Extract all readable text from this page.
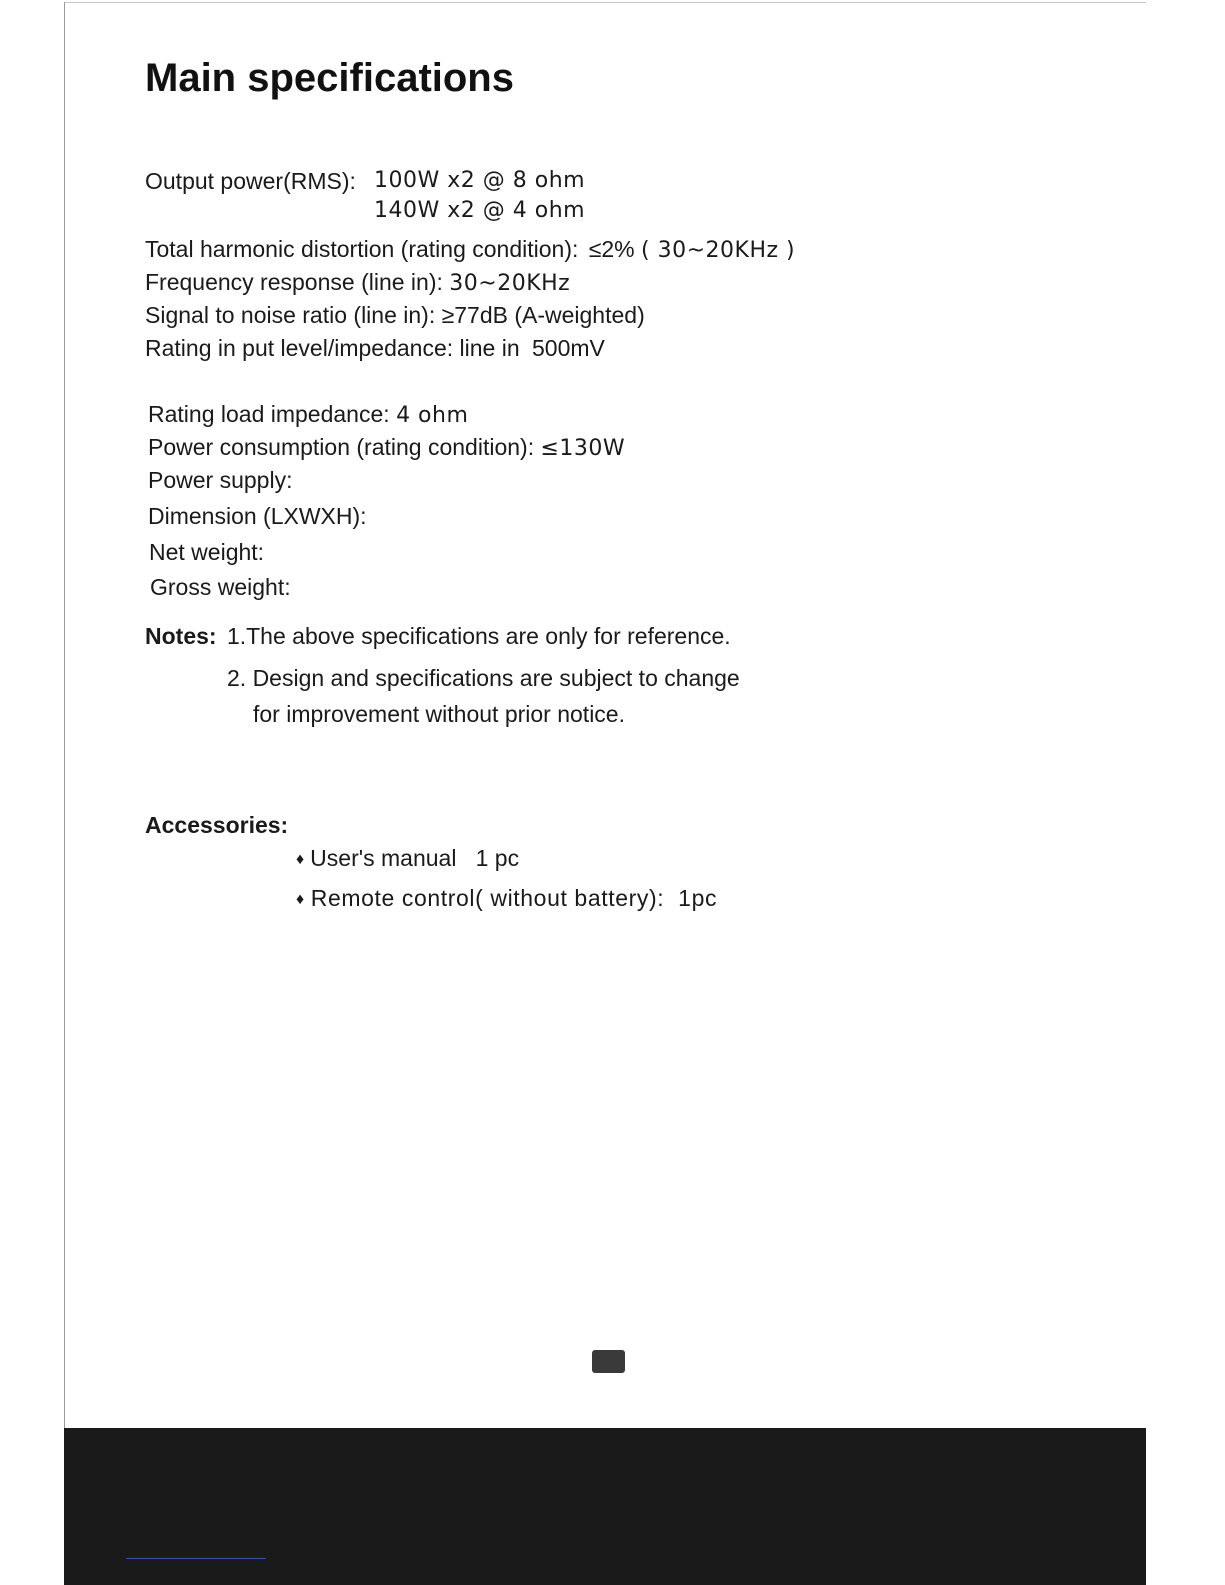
Main specifications
Output power(RMS): 100W x2 @ 8 ohm
140W x2 @ 4 ohm
Total harmonic distortion (rating condition): ≤2% ( 30~20KHz )
Frequency response (line in): 30~20KHz
Signal to noise ratio (line in): ≥77dB (A-weighted)
Rating in put level/impedance: line in 500mV
Rating load impedance: 4 ohm
Power consumption (rating condition): ≤130W
Power supply:
Dimension (LXWXH):
Net weight:
Gross weight:
Notes: 1.The above specifications are only for reference.
2. Design and specifications are subject to change
for improvement without prior notice.
Accessories:
♦ User's manual   1 pc
♦ Remote control( without battery):  1pc
